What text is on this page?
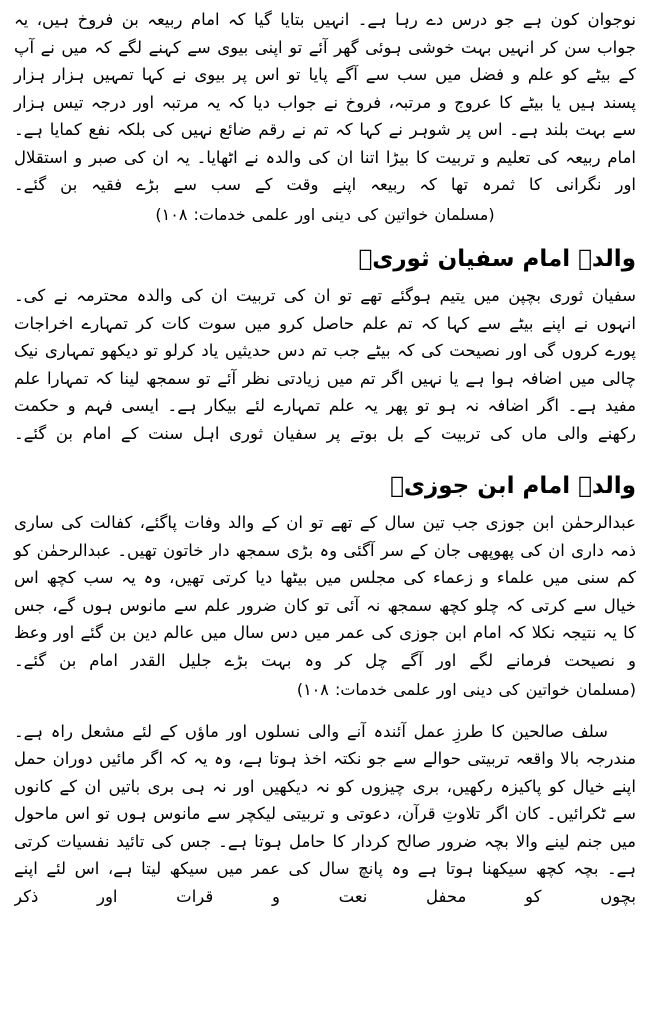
نوجوان کون ہے جو درس دے رہا ہے۔ انہیں بتایا گیا کہ امام ربیعہ بن فروخ ہیں، یہ جواب سن کر انہیں بہت خوشی ہوئی گھر آئے تو اپنی بیوی سے کہنے لگے کہ میں نے آپ کے بیٹے کو علم و فضل میں سب سے آگے پایا تو اس پر بیوی نے کہا تمہیں ہزار ہزار پسند ہیں یا بیٹے کا عروج و مرتبہ، فروخ نے جواب دیا کہ یہ مرتبہ اور درجہ تیس ہزار سے بہت بلند ہے۔ اس پر شوہر نے کہا کہ تم نے رقم ضائع نہیں کی بلکہ نفع کمایا ہے۔ امام ربیعہ کی تعلیم و تربیت کا بیڑا اتنا ان کی والدہ نے اٹھایا۔ یہ ان کی صبر و استقلال اور نگرانی کا ثمرہ تھا کہ ربیعہ اپنے وقت کے سب سے بڑے فقیہ بن گئے۔

(مسلمان خواتین کی دینی اور علمی خدمات: ۱۰۸)

والدہ امام سفیان ثوریؒ

سفیان ثوری بچپن میں یتیم ہوگئے تھے تو ان کی تربیت ان کی والدہ محترمہ نے کی۔ انہوں نے اپنے بیٹے سے کہا کہ تم علم حاصل کرو میں سوت کات کر تمہارے اخراجات پورے کروں گی اور نصیحت کی کہ بیٹے جب تم دس حدیثیں یاد کرلو تو دیکھو تمہاری نیک چالی میں اضافہ ہوا ہے یا نہیں اگر تم میں زیادتی نظر آئے تو سمجھ لینا کہ تمہارا علم مفید ہے۔ اگر اضافہ نہ ہو تو پھر یہ علم تمہارے لئے بیکار ہے۔ ایسی فہم و حکمت رکھنے والی ماں کی تربیت کے بل بوتے پر سفیان ثوری اہل سنت کے امام بن گئے۔

والدہ امام ابن جوزیؒ

عبدالرحمٰن ابن جوزی جب تین سال کے تھے تو ان کے والد وفات پاگئے، کفالت کی ساری ذمہ داری ان کی پھوپھی جان کے سر آگئی وہ بڑی سمجھ دار خاتون تھیں۔ عبدالرحمٰن کو کم سنی میں علماء و زعماء کی مجلس میں بیٹھا دیا کرتی تھیں، وہ یہ سب کچھ اس خیال سے کرتی کہ چلو کچھ سمجھ نہ آئی تو کان ضرور علم سے مانوس ہوں گے، جس کا یہ نتیجہ نکلا کہ امام ابن جوزی کی عمر میں دس سال میں عالم دین بن گئے اور وعظ و نصیحت فرمانے لگے اور آگے چل کر وہ بہت بڑے جلیل القدر امام بن گئے۔

(مسلمان خواتین کی دینی اور علمی خدمات: ۱۰۸)

سلف صالحین کا طرزِ عمل آئندہ آنے والی نسلوں اور ماؤں کے لئے مشعل راہ ہے۔ مندرجہ بالا واقعہ تربیتی حوالے سے جو نکتہ اخذ ہوتا ہے، وہ یہ کہ اگر مائیں دوران حمل اپنے خیال کو پاکیزہ رکھیں، بری چیزوں کو نہ دیکھیں اور نہ ہی بری باتیں ان کے کانوں سے ٹکرائیں۔ کان اگر تلاوتِ قرآن، دعوتی و تربیتی لیکچر سے مانوس ہوں تو اس ماحول میں جنم لینے والا بچہ ضرور صالح کردار کا حامل ہوتا ہے۔ جس کی تائید نفسیات کرتی ہے۔ بچہ کچھ سیکھنا ہوتا ہے وہ پانچ سال کی عمر میں سیکھ لیتا ہے، اس لئے اپنے بچوں کو محفل نعت و قرات اور ذکر
